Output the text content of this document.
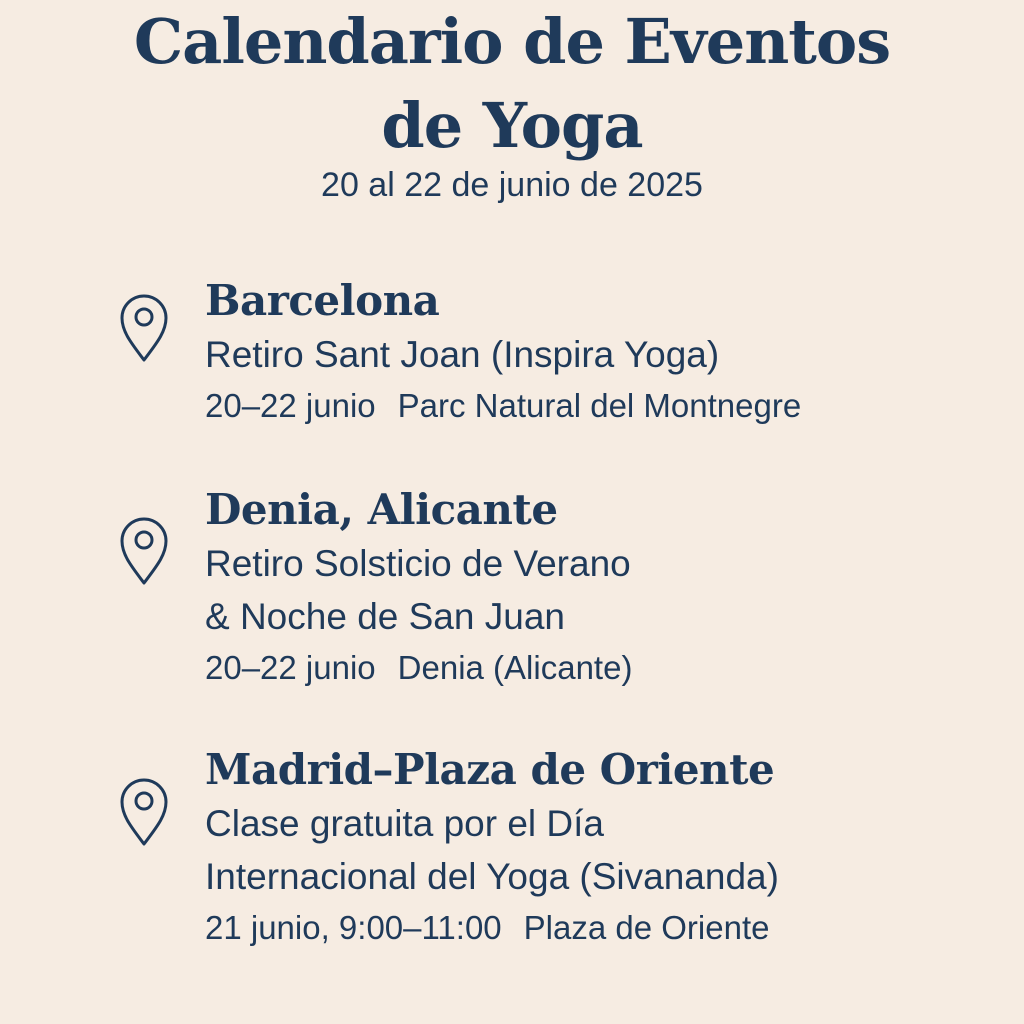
Calendario de Eventos
de Yoga
20 al 22 de junio de 2025
Barcelona
Retiro Sant Joan (Inspira Yoga)
20–22 junio Parc Natural del Montnegre
Denia, Alicante
Retiro Solsticio de Verano
& Noche de San Juan
20–22 junio Denia (Alicante)
Madrid–Plaza de Oriente
Clase gratuita por el Día
Internacional del Yoga (Sivananda)
21 junio, 9:00–11:00 Plaza de Oriente
